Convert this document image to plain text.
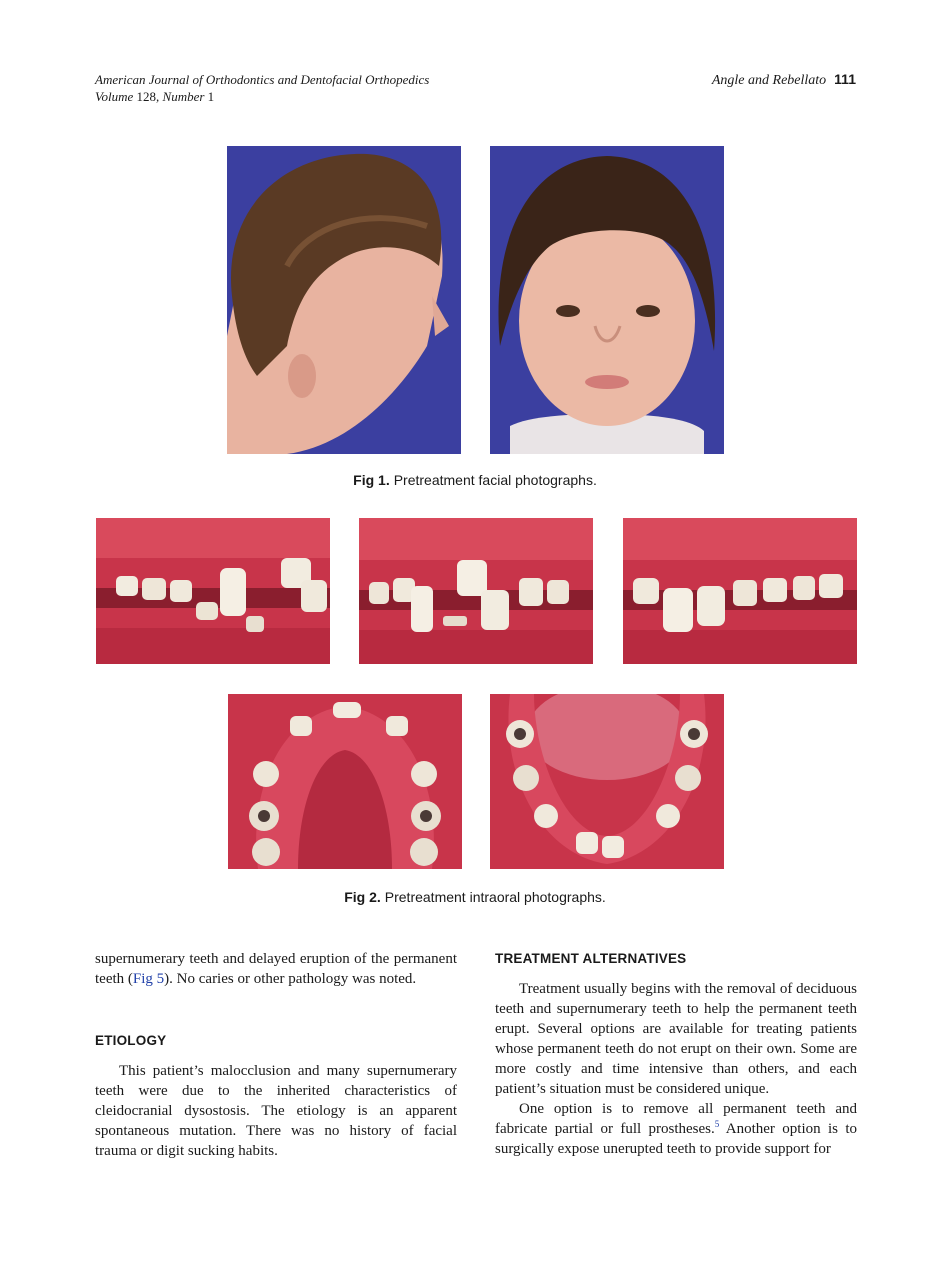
American Journal of Orthodontics and Dentofacial Orthopedics
Volume 128, Number 1
Angle and Rebellato 111
Fig 1. Pretreatment facial photographs.
Fig 2. Pretreatment intraoral photographs.

supernumerary teeth and delayed eruption of the permanent teeth (Fig 5). No caries or other pathology was noted.

ETIOLOGY

This patient’s malocclusion and many supernumerary teeth were due to the inherited characteristics of cleidocranial dysostosis. The etiology is an apparent spontaneous mutation. There was no history of facial trauma or digit sucking habits.

TREATMENT ALTERNATIVES

Treatment usually begins with the removal of deciduous teeth and supernumerary teeth to help the permanent teeth erupt. Several options are available for treating patients whose permanent teeth do not erupt on their own. Some are more costly and time intensive than others, and each patient’s situation must be considered unique.

One option is to remove all permanent teeth and fabricate partial or full prostheses.$^5$ Another option is to surgically expose unerupted teeth to provide support for
